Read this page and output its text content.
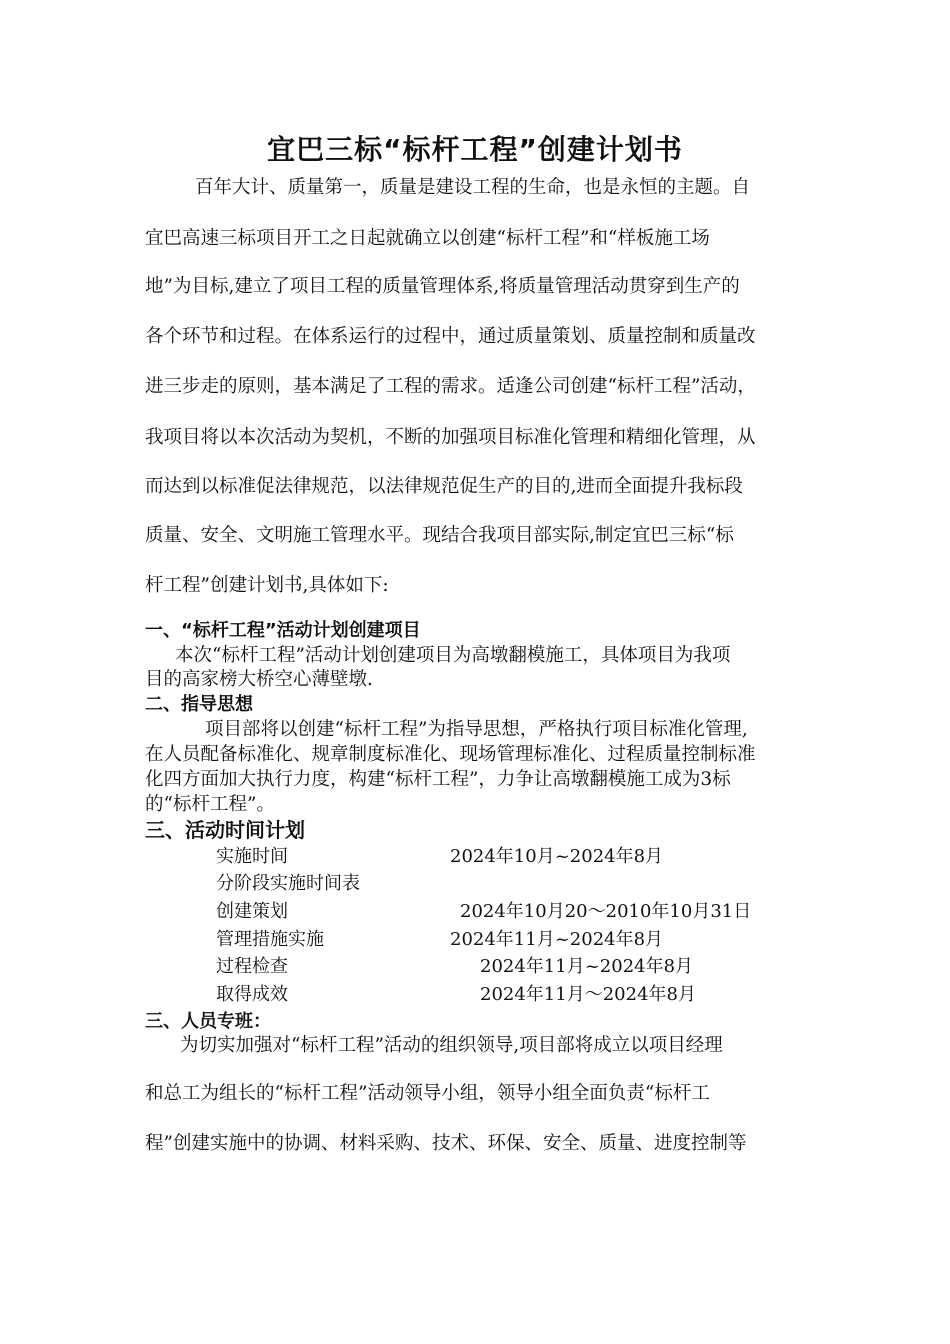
宜巴三标“标杆工程”创建计划书
百年大计、质量第一，质量是建设工程的生命，也是永恒的主题。自
宜巴高速三标项目开工之日起就确立以创建“标杆工程”和“样板施工场
地”为目标,建立了项目工程的质量管理体系,将质量管理活动贯穿到生产的
各个环节和过程。在体系运行的过程中，通过质量策划、质量控制和质量改
进三步走的原则，基本满足了工程的需求。适逢公司创建“标杆工程”活动，
我项目将以本次活动为契机，不断的加强项目标准化管理和精细化管理，从
而达到以标准促法律规范，以法律规范促生产的目的,进而全面提升我标段
质量、安全、文明施工管理水平。现结合我项目部实际,制定宜巴三标“标
杆工程”创建计划书,具体如下:
一、“标杆工程”活动计划创建项目
本次“标杆工程”活动计划创建项目为高墩翻模施工，具体项目为我项
目的高家榜大桥空心薄壁墩.
二、指导思想
项目部将以创建“标杆工程”为指导思想，严格执行项目标准化管理,
在人员配备标准化、规章制度标准化、现场管理标准化、过程质量控制标准
化四方面加大执行力度，构建“标杆工程”，力争让高墩翻模施工成为3标
的“标杆工程”。
三、活动时间计划
实施时间	2024年10月~2024年8月
分阶段实施时间表
创建策划	2024年10月20～2010年10月31日
管理措施实施	2024年11月~2024年8月
过程检查	2024年11月~2024年8月
取得成效	2024年11月～2024年8月
三、人员专班：
为切实加强对“标杆工程”活动的组织领导,项目部将成立以项目经理
和总工为组长的“标杆工程”活动领导小组，领导小组全面负责“标杆工
程”创建实施中的协调、材料采购、技术、环保、安全、质量、进度控制等
